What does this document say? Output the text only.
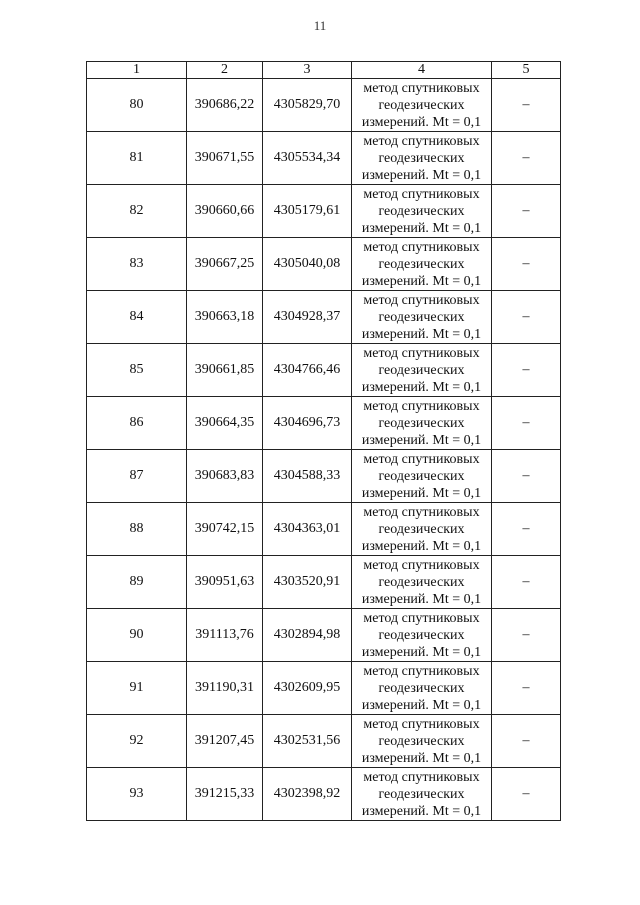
11
1	2	3	4	5
80	390686,22	4305829,70	метод спутниковых
геодезических
измерений. Mt = 0,1	–
81	390671,55	4305534,34	метод спутниковых
геодезических
измерений. Mt = 0,1	–
82	390660,66	4305179,61	метод спутниковых
геодезических
измерений. Mt = 0,1	–
83	390667,25	4305040,08	метод спутниковых
геодезических
измерений. Mt = 0,1	–
84	390663,18	4304928,37	метод спутниковых
геодезических
измерений. Mt = 0,1	–
85	390661,85	4304766,46	метод спутниковых
геодезических
измерений. Mt = 0,1	–
86	390664,35	4304696,73	метод спутниковых
геодезических
измерений. Mt = 0,1	–
87	390683,83	4304588,33	метод спутниковых
геодезических
измерений. Mt = 0,1	–
88	390742,15	4304363,01	метод спутниковых
геодезических
измерений. Mt = 0,1	–
89	390951,63	4303520,91	метод спутниковых
геодезических
измерений. Mt = 0,1	–
90	391113,76	4302894,98	метод спутниковых
геодезических
измерений. Mt = 0,1	–
91	391190,31	4302609,95	метод спутниковых
геодезических
измерений. Mt = 0,1	–
92	391207,45	4302531,56	метод спутниковых
геодезических
измерений. Mt = 0,1	–
93	391215,33	4302398,92	метод спутниковых
геодезических
измерений. Mt = 0,1	–
